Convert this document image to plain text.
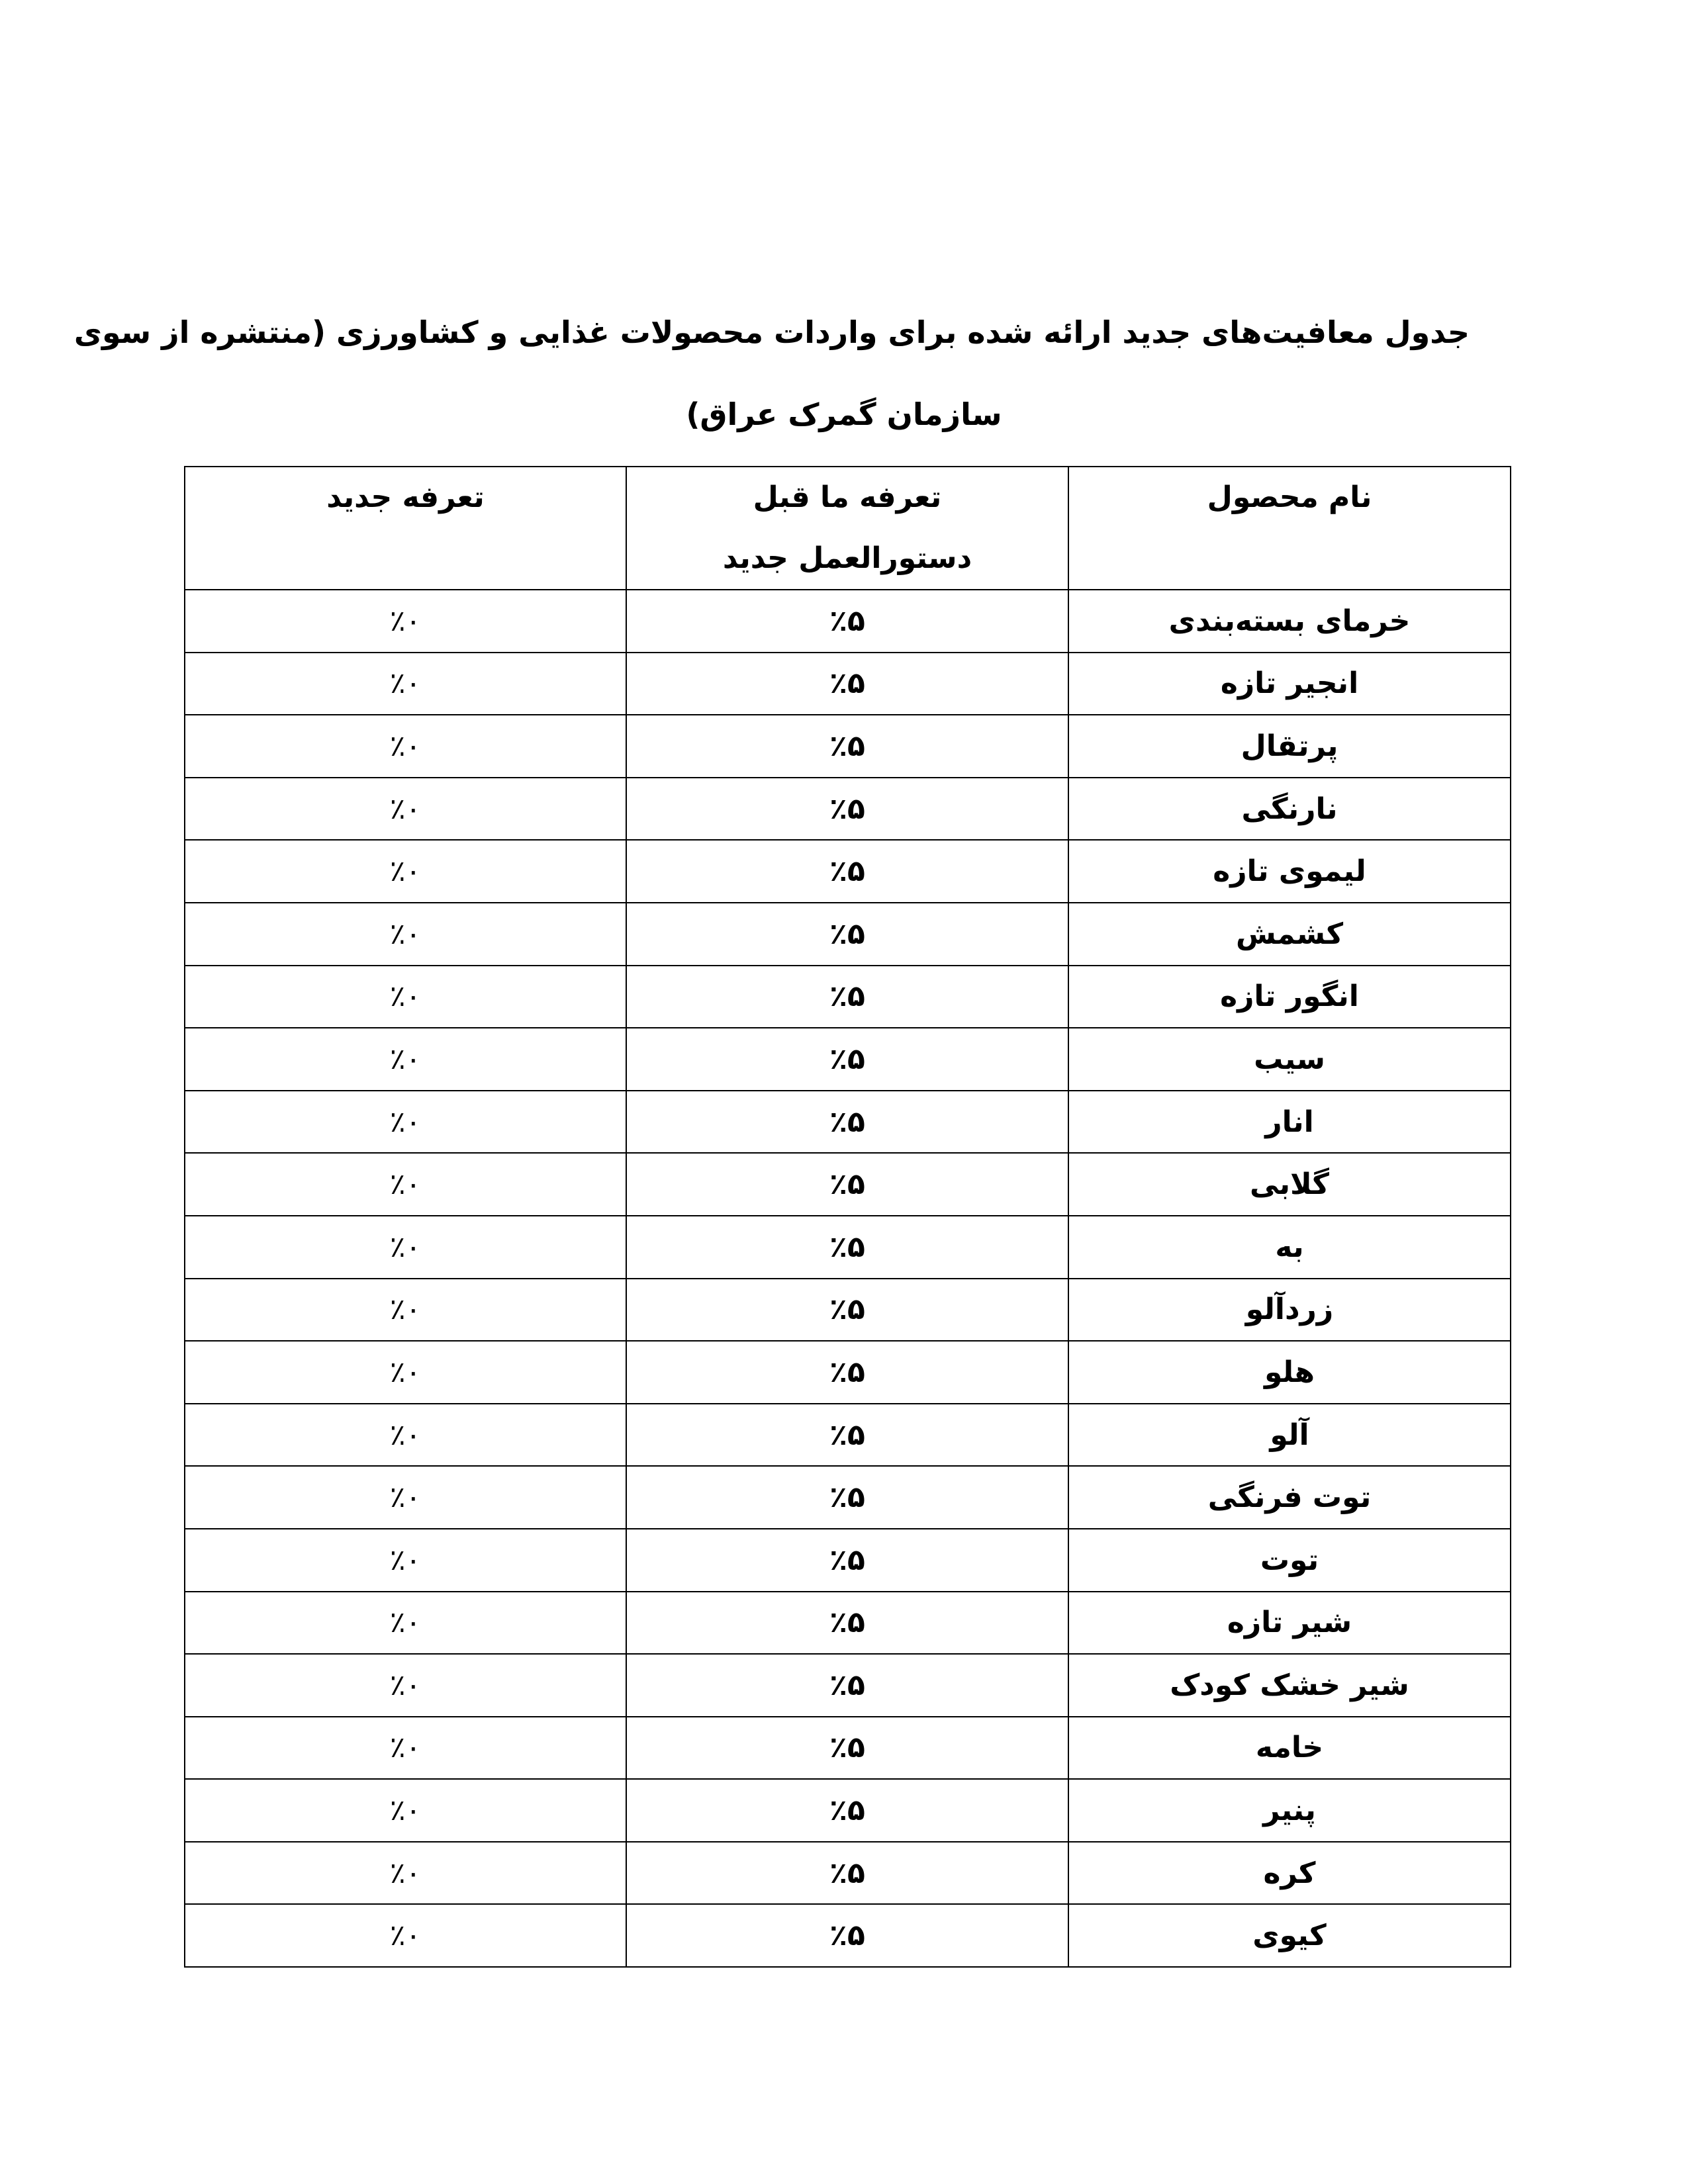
جدول معافیت‌های جدید ارائه شده برای واردات محصولات غذایی و کشاورزی (منتشره از سوی
سازمان گمرک عراق)
نام محصول	تعرفه ما قبل دستورالعمل جدید	تعرفه جدید
خرمای بسته‌بندی	٪۵	٪۰
انجیر تازه	٪۵	٪۰
پرتقال	٪۵	٪۰
نارنگی	٪۵	٪۰
لیموی تازه	٪۵	٪۰
کشمش	٪۵	٪۰
انگور تازه	٪۵	٪۰
سیب	٪۵	٪۰
انار	٪۵	٪۰
گلابی	٪۵	٪۰
به	٪۵	٪۰
زردآلو	٪۵	٪۰
هلو	٪۵	٪۰
آلو	٪۵	٪۰
توت فرنگی	٪۵	٪۰
توت	٪۵	٪۰
شیر تازه	٪۵	٪۰
شیر خشک کودک	٪۵	٪۰
خامه	٪۵	٪۰
پنیر	٪۵	٪۰
کره	٪۵	٪۰
کیوی	٪۵	٪۰
